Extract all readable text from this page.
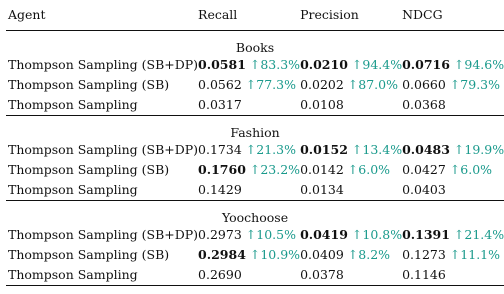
Agent	Recall	Precision	NDCG
Books			
Thompson Sampling (SB+DP)	0.0581 ↑83.3%	0.0210 ↑94.4%	0.0716 ↑94.6%
Thompson Sampling (SB)	0.0562 ↑77.3%	0.0202 ↑87.0%	0.0660 ↑79.3%
Thompson Sampling	0.0317	0.0108	0.0368
Fashion			
Thompson Sampling (SB+DP)	0.1734 ↑21.3%	0.0152 ↑13.4%	0.0483 ↑19.9%
Thompson Sampling (SB)	0.1760 ↑23.2%	0.0142 ↑6.0%	0.0427 ↑6.0%
Thompson Sampling	0.1429	0.0134	0.0403
Yoochoose			
Thompson Sampling (SB+DP)	0.2973 ↑10.5%	0.0419 ↑10.8%	0.1391 ↑21.4%
Thompson Sampling (SB)	0.2984 ↑10.9%	0.0409 ↑8.2%	0.1273 ↑11.1%
Thompson Sampling	0.2690	0.0378	0.1146
